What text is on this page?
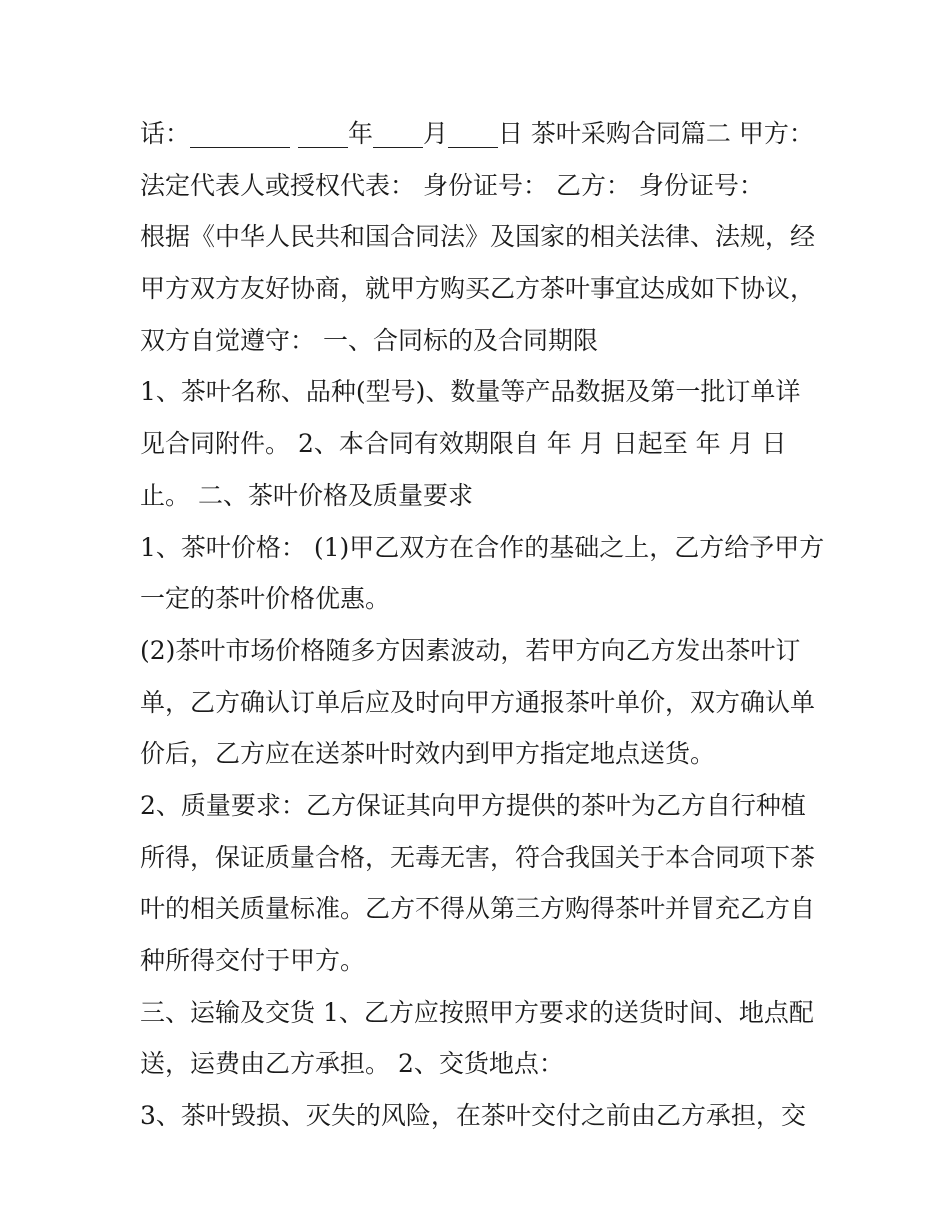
话：________ ____年____月____日 茶叶采购合同篇二 甲方：
法定代表人或授权代表： 身份证号： 乙方： 身份证号：
根据《中华人民共和国合同法》及国家的相关法律、法规，经
甲方双方友好协商，就甲方购买乙方茶叶事宜达成如下协议，
双方自觉遵守： 一、合同标的及合同期限
1、茶叶名称、品种(型号)、数量等产品数据及第一批订单详
见合同附件。 2、本合同有效期限自 年 月 日起至 年 月 日
止。 二、茶叶价格及质量要求
1、茶叶价格： (1)甲乙双方在合作的基础之上，乙方给予甲方
一定的茶叶价格优惠。
(2)茶叶市场价格随多方因素波动，若甲方向乙方发出茶叶订
单，乙方确认订单后应及时向甲方通报茶叶单价，双方确认单
价后，乙方应在送茶叶时效内到甲方指定地点送货。
2、质量要求：乙方保证其向甲方提供的茶叶为乙方自行种植
所得，保证质量合格，无毒无害，符合我国关于本合同项下茶
叶的相关质量标准。乙方不得从第三方购得茶叶并冒充乙方自
种所得交付于甲方。
三、运输及交货 1、乙方应按照甲方要求的送货时间、地点配
送，运费由乙方承担。 2、交货地点：
3、茶叶毁损、灭失的风险，在茶叶交付之前由乙方承担，交
